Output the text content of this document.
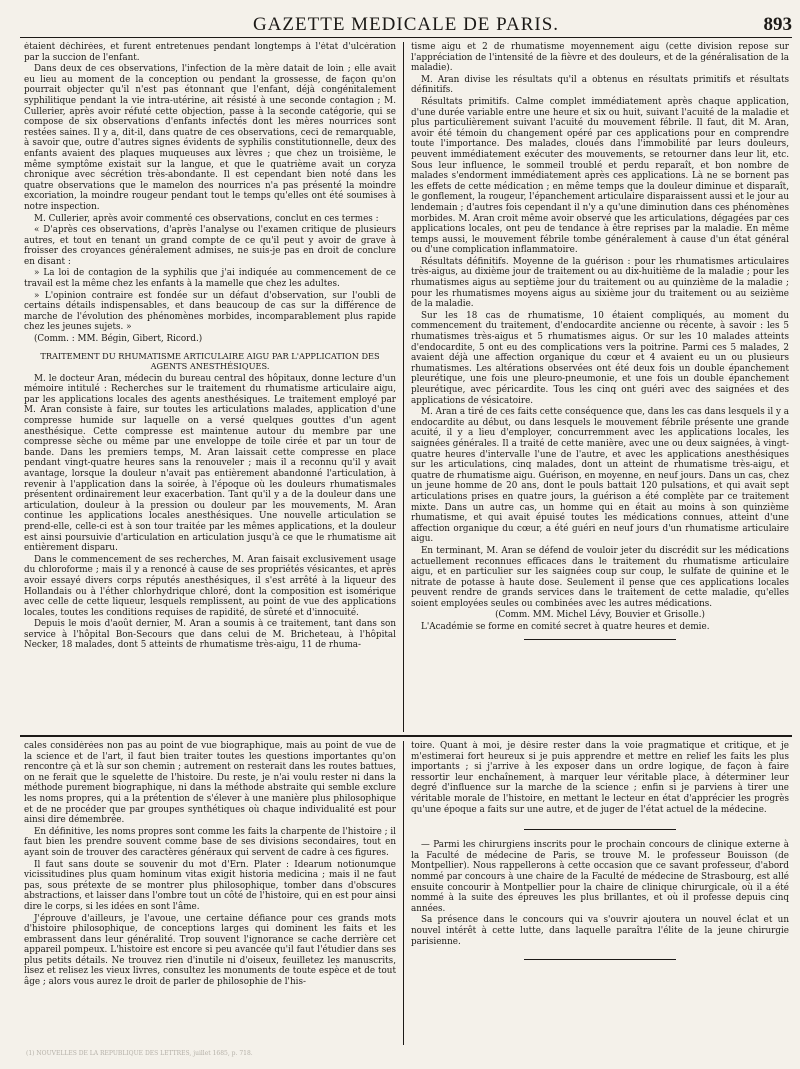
GAZETTE MEDICALE DE PARIS.	893

étaient déchirées, et furent entretenues pendant longtemps à l'état d'ulcération par la succion de l'enfant.

Dans deux de ces observations, l'infection de la mère datait de loin ; elle avait eu lieu au moment de la conception ou pendant la grossesse, de façon qu'on pourrait objecter qu'il n'est pas étonnant que l'enfant, déjà congénitalement syphilitique pendant la vie intra-utérine, ait résisté à une seconde contagion ; M. Cullerier, après avoir réfuté cette objection, passe à la seconde catégorie, qui se compose de six observations d'enfants infectés dont les mères nourrices sont restées saines. Il y a, dit-il, dans quatre de ces observations, ceci de remarquable, à savoir que, outre d'autres signes évidents de syphilis constitutionnelle, deux des enfants avaient des plaques muqueuses aux lèvres ; que chez un troisième, le même symptôme existait sur la langue, et que le quatrième avait un coryza chronique avec sécrétion très-abondante. Il est cependant bien noté dans les quatre observations que le mamelon des nourrices n'a pas présenté la moindre excoriation, la moindre rougeur pendant tout le temps qu'elles ont été soumises à notre inspection.

M. Cullerier, après avoir commenté ces observations, conclut en ces termes :

« D'après ces observations, d'après l'analyse ou l'examen critique de plusieurs autres, et tout en tenant un grand compte de ce qu'il peut y avoir de grave à froisser des croyances généralement admises, ne suis-je pas en droit de conclure en disant :

» La loi de contagion de la syphilis que j'ai indiquée au commencement de ce travail est la même chez les enfants à la mamelle que chez les adultes.

» L'opinion contraire est fondée sur un défaut d'observation, sur l'oubli de certains détails indispensables, et dans beaucoup de cas sur la différence de marche de l'évolution des phénomènes morbides, incomparablement plus rapide chez les jeunes sujets. »

(Comm. : MM. Bégin, Gibert, Ricord.)

TRAITEMENT DU RHUMATISME ARTICULAIRE AIGU PAR L'APPLICATION DES AGENTS ANESTHÉSIQUES.

M. le docteur Aran, médecin du bureau central des hôpitaux, donne lecture d'un mémoire intitulé : Recherches sur le traitement du rhumatisme articulaire aigu, par les applications locales des agents anesthésiques. Le traitement employé par M. Aran consiste à faire, sur toutes les articulations malades, application d'une compresse humide sur laquelle on a versé quelques gouttes d'un agent anesthésique. Cette compresse est maintenue autour du membre par une compresse sèche ou même par une enveloppe de toile cirée et par un tour de bande. Dans les premiers temps, M. Aran laissait cette compresse en place pendant vingt-quatre heures sans la renouveler ; mais il a reconnu qu'il y avait avantage, lorsque la douleur n'avait pas entièrement abandonné l'articulation, à revenir à l'application dans la soirée, à l'époque où les douleurs rhumatismales présentent ordinairement leur exacerbation. Tant qu'il y a de la douleur dans une articulation, douleur à la pression ou douleur par les mouvements, M. Aran continue les applications locales anesthésiques. Une nouvelle articulation se prend-elle, celle-ci est à son tour traitée par les mêmes applications, et la douleur est ainsi poursuivie d'articulation en articulation jusqu'à ce que le rhumatisme ait entièrement disparu.

Dans le commencement de ses recherches, M. Aran faisait exclusivement usage du chloroforme ; mais il y a renoncé à cause de ses propriétés vésicantes, et après avoir essayé divers corps réputés anesthésiques, il s'est arrêté à la liqueur des Hollandais ou à l'éther chlorhydrique chloré, dont la composition est isomérique avec celle de cette liqueur, lesquels remplissent, au point de vue des applications locales, toutes les conditions requises de rapidité, de sûreté et d'innocuité.

Depuis le mois d'août dernier, M. Aran a soumis à ce traitement, tant dans son service à l'hôpital Bon-Secours que dans celui de M. Bricheteau, à l'hôpital Necker, 18 malades, dont 5 atteints de rhumatisme très-aigu, 11 de rhuma-

tisme aigu et 2 de rhumatisme moyennement aigu (cette division repose sur l'appréciation de l'intensité de la fièvre et des douleurs, et de la généralisation de la maladie).

M. Aran divise les résultats qu'il a obtenus en résultats primitifs et résultats définitifs.

Résultats primitifs. Calme complet immédiatement après chaque application, d'une durée variable entre une heure et six ou huit, suivant l'acuité de la maladie et plus particulièrement suivant l'acuité du mouvement fébrile. Il faut, dit M. Aran, avoir été témoin du changement opéré par ces applications pour en comprendre toute l'importance. Des malades, cloués dans l'immobilité par leurs douleurs, peuvent immédiatement exécuter des mouvements, se retourner dans leur lit, etc. Sous leur influence, le sommeil troublé et perdu reparaît, et bon nombre de malades s'endorment immédiatement après ces applications. Là ne se bornent pas les effets de cette médication ; en même temps que la douleur diminue et disparaît, le gonflement, la rougeur, l'épanchement articulaire disparaissent aussi et le jour au lendemain ; d'autres fois cependant il n'y a qu'une diminution dans ces phénomènes morbides. M. Aran croit même avoir observé que les articulations, dégagées par ces applications locales, ont peu de tendance à être reprises par la maladie. En même temps aussi, le mouvement fébrile tombe généralement à cause d'un état général ou d'une complication inflammatoire.

Résultats définitifs. Moyenne de la guérison : pour les rhumatismes articulaires très-aigus, au dixième jour de traitement ou au dix-huitième de la maladie ; pour les rhumatismes aigus au septième jour du traitement ou au quinzième de la maladie ; pour les rhumatismes moyens aigus au sixième jour du traitement ou au seizième de la maladie.

Sur les 18 cas de rhumatisme, 10 étaient compliqués, au moment du commencement du traitement, d'endocardite ancienne ou récente, à savoir : les 5 rhumatismes très-aigus et 5 rhumatismes aigus. Or sur les 10 malades atteints d'endocardite, 5 ont eu des complications vers la poitrine. Parmi ces 5 malades, 2 avaient déjà une affection organique du cœur et 4 avaient eu un ou plusieurs rhumatismes. Les altérations observées ont été deux fois un double épanchement pleurétique, une fois une pleuro-pneumonie, et une fois un double épanchement pleurétique, avec péricardite. Tous les cinq ont guéri avec des saignées et des applications de vésicatoire.

M. Aran a tiré de ces faits cette conséquence que, dans les cas dans lesquels il y a endocardite au début, ou dans lesquels le mouvement fébrile présente une grande acuité, il y a lieu d'employer, concurremment avec les applications locales, les saignées générales. Il a traité de cette manière, avec une ou deux saignées, à vingt-quatre heures d'intervalle l'une de l'autre, et avec les applications anesthésiques sur les articulations, cinq malades, dont un atteint de rhumatisme très-aigu, et quatre de rhumatisme aigu. Guérison, en moyenne, en neuf jours. Dans un cas, chez un jeune homme de 20 ans, dont le pouls battait 120 pulsations, et qui avait sept articulations prises en quatre jours, la guérison a été complète par ce traitement mixte. Dans un autre cas, un homme qui en était au moins à son quinzième rhumatisme, et qui avait épuisé toutes les médications connues, atteint d'une affection organique du cœur, a été guéri en neuf jours d'un rhumatisme articulaire aigu.

En terminant, M. Aran se défend de vouloir jeter du discrédit sur les médications actuellement reconnues efficaces dans le traitement du rhumatisme articulaire aigu, et en particulier sur les saignées coup sur coup, le sulfate de quinine et le nitrate de potasse à haute dose. Seulement il pense que ces applications locales peuvent rendre de grands services dans le traitement de cette maladie, qu'elles soient employées seules ou combinées avec les autres médications.

(Comm. MM. Michel Lévy, Bouvier et Grisolle.)

L'Académie se forme en comité secret à quatre heures et demie.

cales considérées non pas au point de vue biographique, mais au point de vue de la science et de l'art, il faut bien traiter toutes les questions importantes qu'on rencontre çà et là sur son chemin ; autrement on resterait dans les routes battues, on ne ferait que le squelette de l'histoire. Du reste, je n'ai voulu rester ni dans la méthode purement biographique, ni dans la méthode abstraite qui semble exclure les noms propres, qui a la prétention de s'élever à une manière plus philosophique et de ne procéder que par groupes synthétiques où chaque individualité est pour ainsi dire démembrée.

En définitive, les noms propres sont comme les faits la charpente de l'histoire ; il faut bien les prendre souvent comme base de ses divisions secondaires, tout en ayant soin de trouver des caractères généraux qui servent de cadre à ces figures.

Il faut sans doute se souvenir du mot d'Ern. Plater : Idearum notionumque vicissitudines plus quam hominum vitas exigit historia medicina ; mais il ne faut pas, sous prétexte de se montrer plus philosophique, tomber dans d'obscures abstractions, et laisser dans l'ombre tout un côté de l'histoire, qui en est pour ainsi dire le corps, si les idées en sont l'âme.

J'éprouve d'ailleurs, je l'avoue, une certaine défiance pour ces grands mots d'histoire philosophique, de conceptions larges qui dominent les faits et les embrassent dans leur généralité. Trop souvent l'ignorance se cache derrière cet appareil pompeux. L'histoire est encore si peu avancée qu'il faut l'étudier dans ses plus petits détails. Ne trouvez rien d'inutile ni d'oiseux, feuilletez les manuscrits, lisez et relisez les vieux livres, consultez les monuments de toute espèce et de tout âge ; alors vous aurez le droit de parler de philosophie de l'his-

toire. Quant à moi, je désire rester dans la voie pragmatique et critique, et je m'estimerai fort heureux si je puis apprendre et mettre en relief les faits les plus importants ; si j'arrive à les exposer dans un ordre logique, de façon à faire ressortir leur enchaînement, à marquer leur véritable place, à déterminer leur degré d'influence sur la marche de la science ; enfin si je parviens à tirer une véritable morale de l'histoire, en mettant le lecteur en état d'apprécier les progrès qu'une époque a faits sur une autre, et de juger de l'état actuel de la médecine.

— Parmi les chirurgiens inscrits pour le prochain concours de clinique externe à la Faculté de médecine de Paris, se trouve M. le professeur Bouisson (de Montpellier). Nous rappellerons à cette occasion que ce savant professeur, d'abord nommé par concours à une chaire de la Faculté de médecine de Strasbourg, est allé ensuite concourir à Montpellier pour la chaire de clinique chirurgicale, où il a été nommé à la suite des épreuves les plus brillantes, et où il professe depuis cinq années.

Sa présence dans le concours qui va s'ouvrir ajoutera un nouvel éclat et un nouvel intérêt à cette lutte, dans laquelle paraîtra l'élite de la jeune chirurgie parisienne.

(1) NOUVELLES DE LA RÉPUBLIQUE DES LETTRES, juillet 1685, p. 718.
